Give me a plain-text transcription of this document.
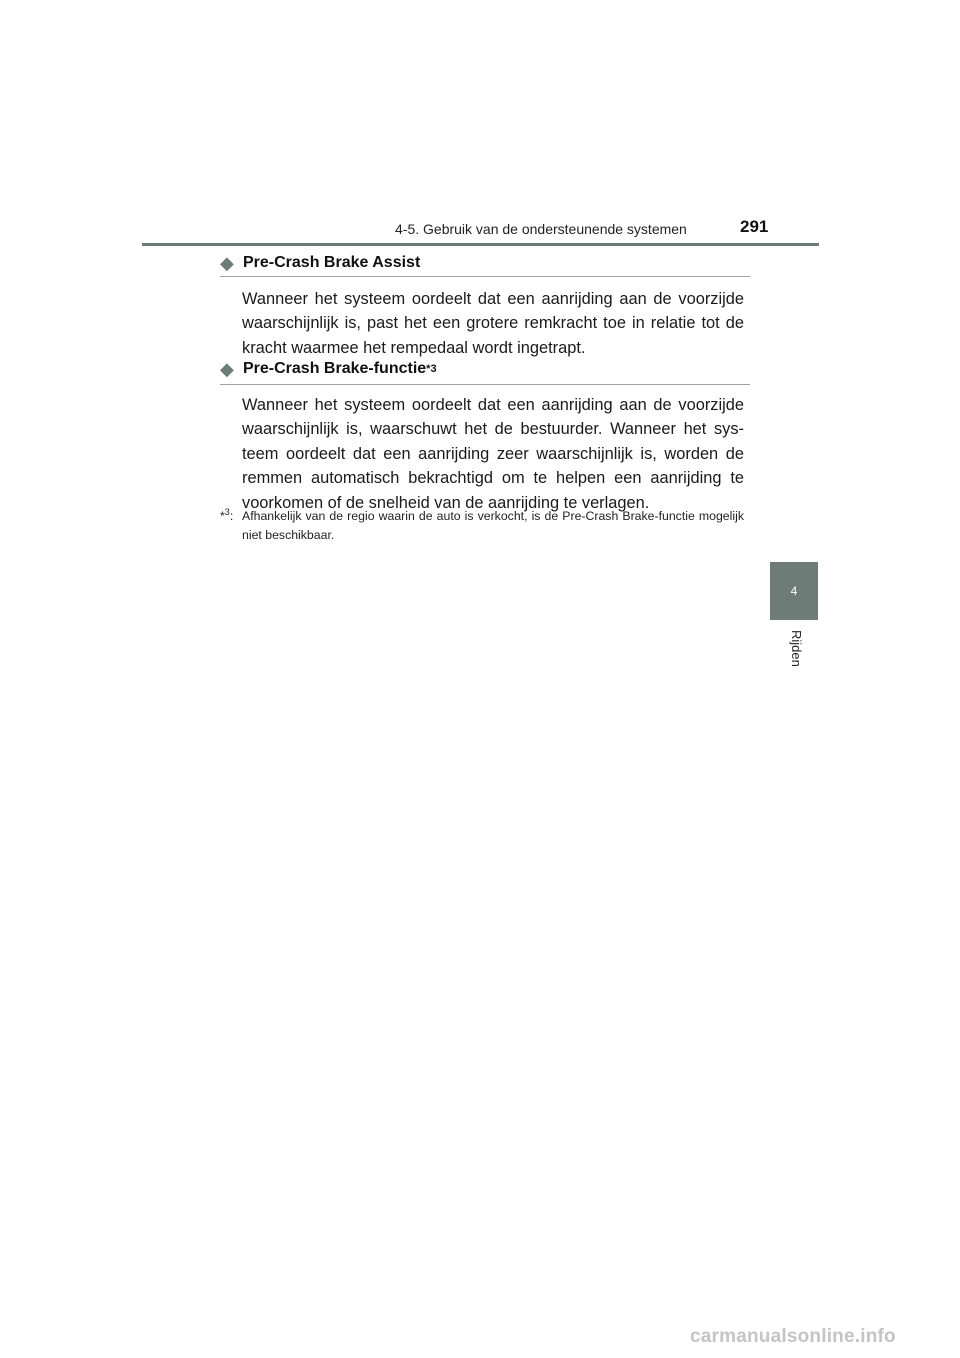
4-5. Gebruik van de ondersteunende systemen	291
◆ Pre-Crash Brake Assist
Wanneer het systeem oordeelt dat een aanrijding aan de voorzijde waarschijnlijk is, past het een grotere remkracht toe in relatie tot de kracht waarmee het rempedaal wordt ingetrapt.
◆ Pre-Crash Brake-functie *3
Wanneer het systeem oordeelt dat een aanrijding aan de voorzijde waarschijnlijk is, waarschuwt het de bestuurder. Wanneer het sys-teem oordeelt dat een aanrijding zeer waarschijnlijk is, worden de remmen automatisch bekrachtigd om te helpen een aanrijding te voorkomen of de snelheid van de aanrijding te verlagen.
*$^3$: Afhankelijk van de regio waarin de auto is verkocht, is de Pre-Crash Brake-functie mogelijk niet beschikbaar.
4
Rijden
carmanualsonline.info
